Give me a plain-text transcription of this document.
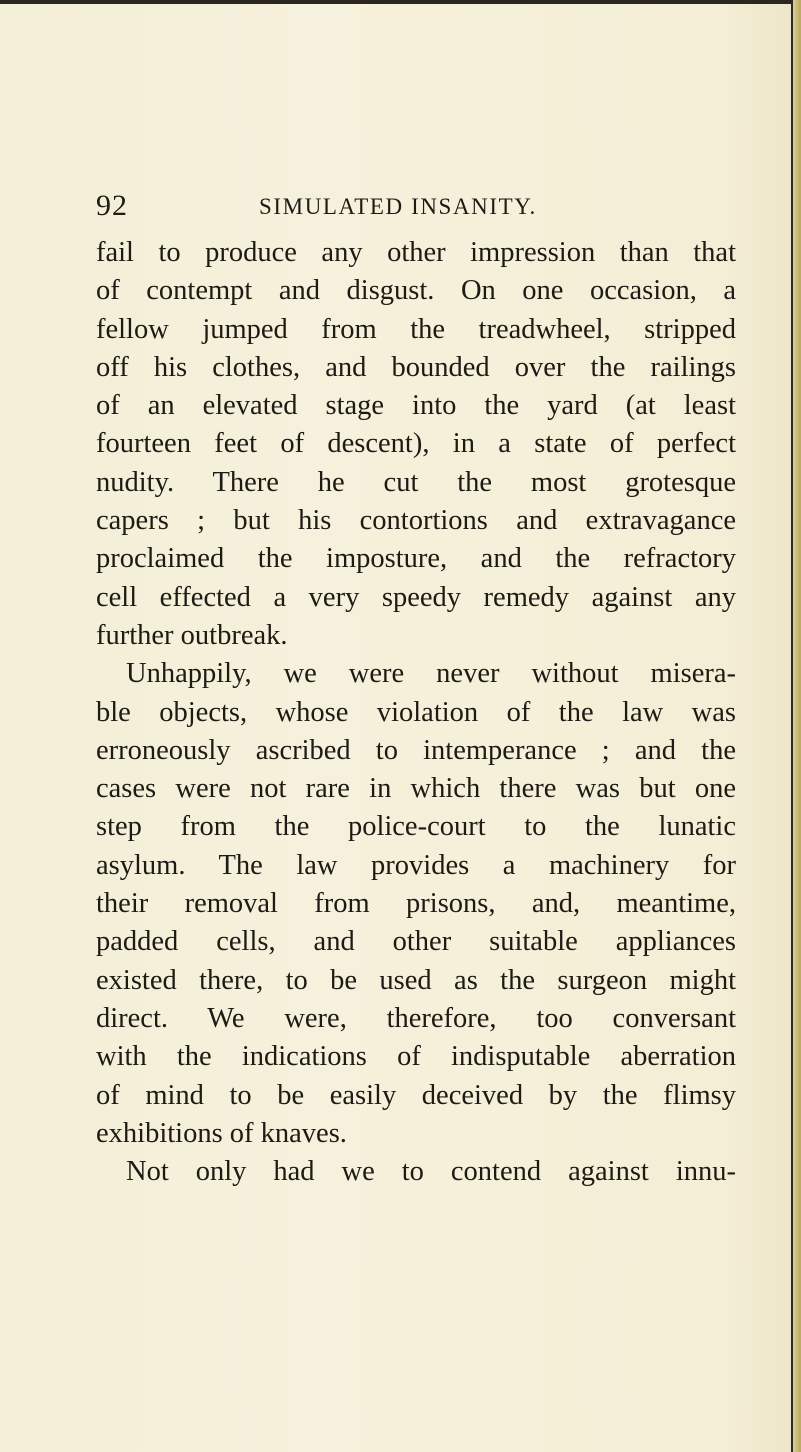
92	SIMULATED INSANITY.
fail to produce any other impression than that
of contempt and disgust. On one occasion, a
fellow jumped from the treadwheel, stripped
off his clothes, and bounded over the railings
of an elevated stage into the yard (at least
fourteen feet of descent), in a state of perfect
nudity. There he cut the most grotesque
capers ; but his contortions and extravagance
proclaimed the imposture, and the refractory
cell effected a very speedy remedy against any
further outbreak.
Unhappily, we were never without misera-
ble objects, whose violation of the law was
erroneously ascribed to intemperance ; and the
cases were not rare in which there was but one
step from the police-court to the lunatic
asylum. The law provides a machinery for
their removal from prisons, and, meantime,
padded cells, and other suitable appliances
existed there, to be used as the surgeon might
direct. We were, therefore, too conversant
with the indications of indisputable aberration
of mind to be easily deceived by the flimsy
exhibitions of knaves.
Not only had we to contend against innu-
